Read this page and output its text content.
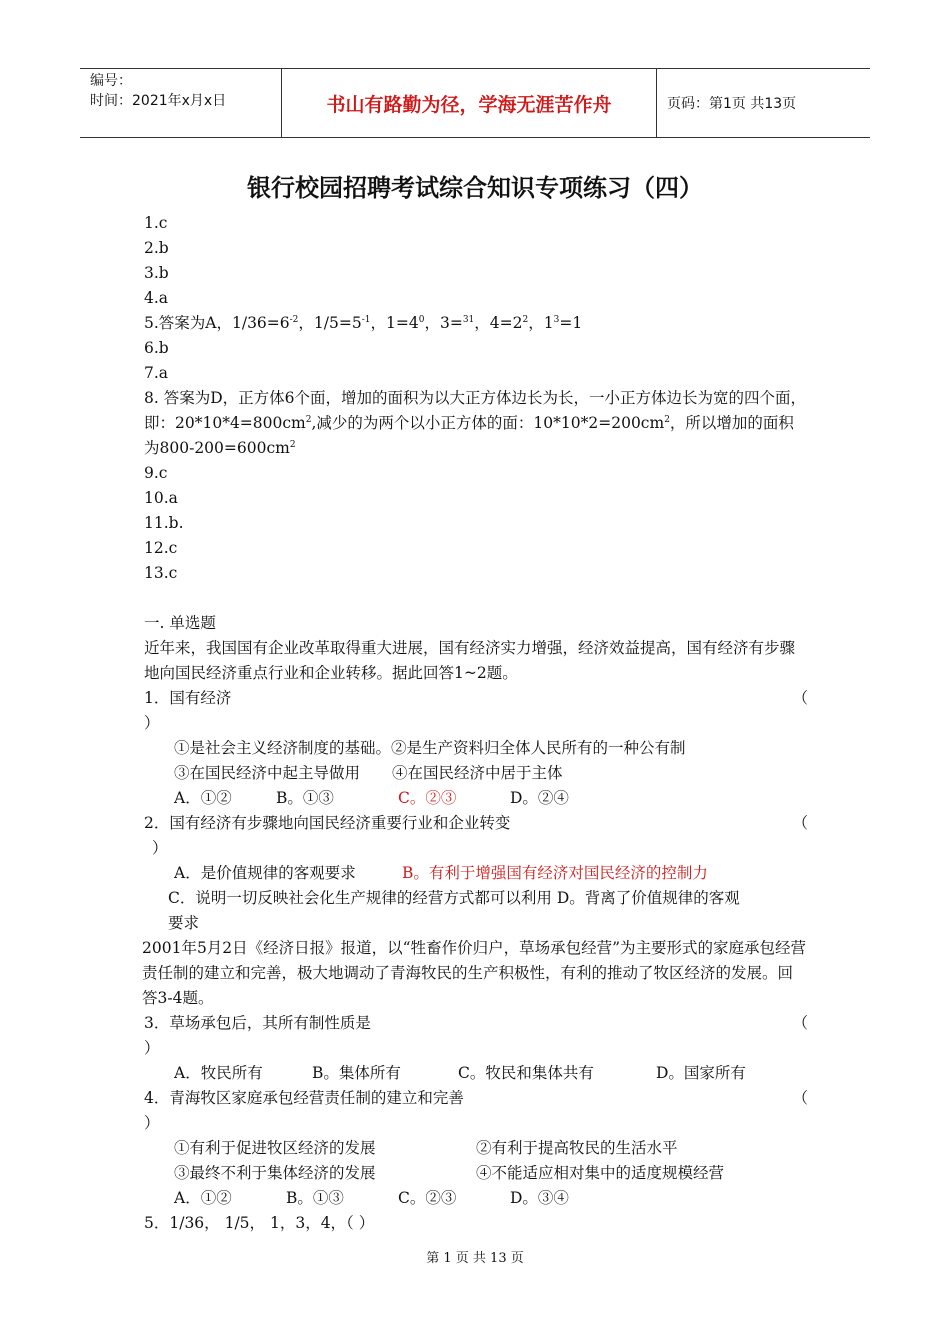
编号：
时间：2021年x月x日	书山有路勤为径，学海无涯苦作舟	页码：第1页 共13页
银行校园招聘考试综合知识专项练习（四）
1.c
2.b
3.b
4.a
5.答案为A，$1/36=6^{-2}$，$1/5=5^{-1}$，$1=4^0$，3=$^{31}$，$4=2^2$，$1^3=1$
6.b
7.a
8. 答案为D，正方体6个面，增加的面积为以大正方体边长为长，一小正方体边长为宽的四个面，即：$20*10*4=800cm^2$,减少的为两个以小正方体的面：$10*10*2=200cm^2$，所以增加的面积为$800-200=600cm^2$
9.c
10.a
11.b.
12.c
13.c
一. 单选题
近年来，我国国有企业改革取得重大进展，国有经济实力增强，经济效益提高，国有经济有步骤地向国民经济重点行业和企业转移。据此回答1~2题。
1．国有经济	（
）
①是社会主义经济制度的基础。②是生产资料归全体人民所有的一种公有制
③在国民经济中起主导做用 ④在国民经济中居于主体
A．①②	B。①③	C。②③	D。②④
2．国有经济有步骤地向国民经济重要行业和企业转变	（
）
A．是价值规律的客观要求	B。有利于增强国有经济对国民经济的控制力
C．说明一切反映社会化生产规律的经营方式都可以利用 D。背离了价值规律的客观
要求
2001年5月2日《经济日报》报道，以“牲畜作价归户，草场承包经营”为主要形式的家庭承包经营责任制的建立和完善，极大地调动了青海牧民的生产积极性，有利的推动了牧区经济的发展。回答3-4题。
3．草场承包后，其所有制性质是	（
）
A．牧民所有	B。集体所有	C。牧民和集体共有	D。国家所有
4．青海牧区家庭承包经营责任制的建立和完善	（
）
①有利于促进牧区经济的发展	②有利于提高牧民的生活水平
③最终不利于集体经济的发展	④不能适应相对集中的适度规模经营
A．①②	B。①③	C。②③	D。③④
5．1/36， 1/5， 1，3，4，（ ）
第 1 页 共 13 页
